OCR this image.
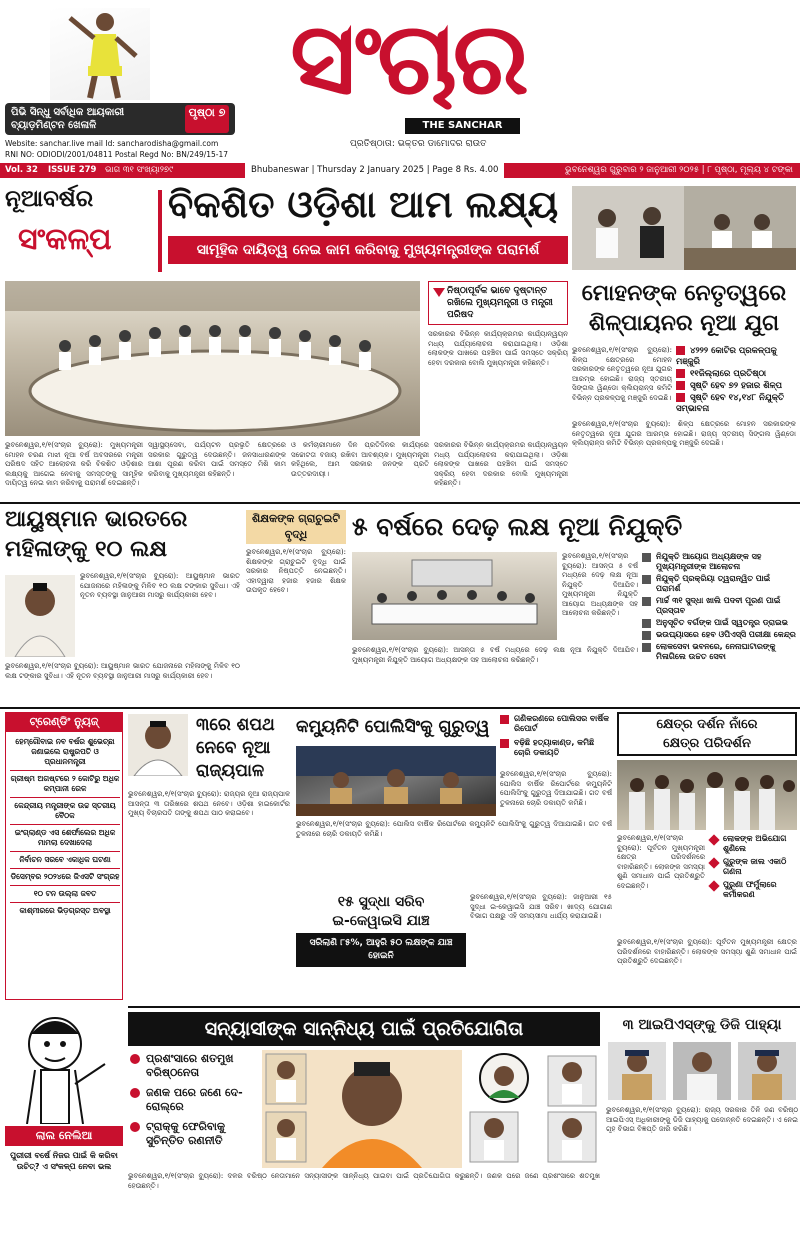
ପିଭି ସିନ୍ଧୁ ସର୍ବାଧିକ ଆୟକାରୀ ବ୍ୟାଡ଼ମିଣ୍ଟନ ଖେଳାଳି
ପୃଷ୍ଠା ୭
Website: sanchar.live mail Id: sancharodisha@gmail.com
RNI NO: ODIODI/2001/04811 Postal Regd No: BN/249/15-17
ସଂଚାର
THE SANCHAR
ପ୍ରତିଷ୍ଠାତା: ଭକ୍ତର ଡାମୋଦର ରାଉତ
Vol. 32 ISSUE 279 ଭାଗ ୩୧ ସଂଖ୍ୟା୨୭୯	Bhubaneswar | Thursday 2 January 2025 | Page 8 Rs. 4.00	ଭୁବନେଶ୍ୱର ଗୁରୁବାର ୨ ଜାନୁଆରୀ ୨୦୨୫ | ୮ ପୃଷ୍ଠା, ମୂଲ୍ୟ ୪ ଟଙ୍କା
ନୂଆବର୍ଷର
ସଂକଳ୍ପ
ବିକଶିତ ଓଡ଼ିଶା ଆମ ଲକ୍ଷ୍ୟ
ସାମୂହିକ ଦାୟିତ୍ୱ ନେଇ କାମ କରିବାକୁ ମୁଖ୍ୟମନ୍ତ୍ରୀଙ୍କ ପରାମର୍ଶ
ନିଷ୍ଠାପୂର୍ବକ ଭାବେ ଦୃଷ୍ଟାନ୍ତ ରଖିଲେ ମୁଖ୍ୟମନ୍ତ୍ରୀ ଓ ମନ୍ତ୍ରୀ ପରିଷଦ
ସରକାରର ବିଭିନ୍ନ କାର୍ଯ୍ୟକ୍ରମର କାର୍ଯ୍ୟାନ୍ୱୟନ ମଧ୍ୟ ପର୍ଯ୍ୟାଲୋଚନା କରାଯାଇଥିଲା। ଓଡ଼ିଶା ଲୋକଙ୍କ ପାଖରେ ପହଞ୍ଚିବା ପାଇଁ ସମସ୍ତେ ସକ୍ରିୟ ହେବା ଦରକାର ବୋଲି ମୁଖ୍ୟମନ୍ତ୍ରୀ କହିଛନ୍ତି।
ଭୁବନେଶ୍ୱର,୧/୧(ସଂଚାର ବ୍ୟୁରୋ): ମୁଖ୍ୟମନ୍ତ୍ରୀ ମୋହନ ଚରଣ ମାଝୀ ନୂଆ ବର୍ଷ ଅବସରରେ ମନ୍ତ୍ରୀ ପରିଷଦ ସହିତ ଆଲୋଚନା କରି ବିକଶିତ ଓଡ଼ିଶାର ଲକ୍ଷ୍ୟକୁ ଆଗେଇ ନେବାକୁ ସମସ୍ତଙ୍କୁ ସାମୂହିକ ଦାୟିତ୍ୱ ନେଇ କାମ କରିବାକୁ ପରାମର୍ଶ ଦେଇଛନ୍ତି।
ସ୍ୱାସ୍ଥ୍ୟସେବା, ପର୍ଯ୍ୟଟନ ପ୍ରଭୃତି କ୍ଷେତ୍ରରେ ସରକାର ଗୁରୁତ୍ୱ ଦେଉଛନ୍ତି। ଜନସାଧାରଣଙ୍କ ଆଶା ପୂରଣ କରିବା ପାଇଁ ସମସ୍ତେ ମିଶି କାମ କରିବାକୁ ମୁଖ୍ୟମନ୍ତ୍ରୀ କହିଛନ୍ତି।
ଓ କର୍ମଚାରୀମାନେ ଦିନ ପ୍ରତିଦିନର କାର୍ଯ୍ୟରେ ସଚ୍ଚୋଟତା ବଜାୟ ରଖିବା ଆବଶ୍ୟକ। ମୁଖ୍ୟମନ୍ତ୍ରୀ କହିଥିଲେ, ଆମ ସରକାର ଜନଙ୍କ ପ୍ରତି ଉତ୍ତରଦାୟୀ।
ସରକାରର ବିଭିନ୍ନ କାର୍ଯ୍ୟକ୍ରମର କାର୍ଯ୍ୟାନ୍ୱୟନ ମଧ୍ୟ ପର୍ଯ୍ୟାଲୋଚନା କରାଯାଇଥିଲା। ଓଡ଼ିଶା ଲୋକଙ୍କ ପାଖରେ ପହଞ୍ଚିବା ପାଇଁ ସମସ୍ତେ ସକ୍ରିୟ ହେବା ଦରକାର ବୋଲି ମୁଖ୍ୟମନ୍ତ୍ରୀ କହିଛନ୍ତି।
ମୋହନଙ୍କ ନେତୃତ୍ୱରେ
ଶିଳ୍ପାୟନର ନୂଆ ଯୁଗ
ଭୁବନେଶ୍ୱର,୧/୧(ସଂଚାର ବ୍ୟୁରୋ): ଶିଳ୍ପ କ୍ଷେତ୍ରରେ ମୋହନ ସରକାରଙ୍କ ନେତୃତ୍ୱରେ ନୂଆ ଯୁଗର ଆରମ୍ଭ ହୋଇଛି। ରାଜ୍ୟ ସ୍ତରୀୟ ସିଙ୍ଗଲ ୱିଣ୍ଡୋ କ୍ଲିୟରାନ୍ସ କମିଟି ବିଭିନ୍ନ ପ୍ରକଳ୍ପକୁ ମଞ୍ଜୁରି ଦେଇଛି।
୪୨୨୨ କୋଟିର ପ୍ରକଳ୍ପକୁ ମଞ୍ଜୁରି
୧୧ଜିଲ୍ଲାରେ ପ୍ରତିଷ୍ଠା
ସୃଷ୍ଟି ହେବ ୭୨ ହଜାର ଶିଳ୍ପ
ସୃଷ୍ଟି ହେବ ୧୪,୧୪୮ ନିଯୁକ୍ତି ସମ୍ଭାବନା
ଭୁବନେଶ୍ୱର,୧/୧(ସଂଚାର ବ୍ୟୁରୋ): ଶିଳ୍ପ କ୍ଷେତ୍ରରେ ମୋହନ ସରକାରଙ୍କ ନେତୃତ୍ୱରେ ନୂଆ ଯୁଗର ଆରମ୍ଭ ହୋଇଛି। ରାଜ୍ୟ ସ୍ତରୀୟ ସିଙ୍ଗଲ ୱିଣ୍ଡୋ କ୍ଲିୟରାନ୍ସ କମିଟି ବିଭିନ୍ନ ପ୍ରକଳ୍ପକୁ ମଞ୍ଜୁରି ଦେଇଛି।
ଆୟୁଷ୍ମାନ ଭାରତରେ
ମହିଳାଙ୍କୁ ୧୦ ଲକ୍ଷ
ଭୁବନେଶ୍ୱର,୧/୧(ସଂଚାର ବ୍ୟୁରୋ): ଆୟୁଷ୍ମାନ ଭାରତ ଯୋଜନାରେ ମହିଳାଙ୍କୁ ମିଳିବ ୧୦ ଲକ୍ଷ ଟଙ୍କାର ସୁବିଧା। ଏହି ନୂତନ ବ୍ୟବସ୍ଥା ଜାନୁଆରୀ ମାସରୁ କାର୍ଯ୍ୟକାରୀ ହେବ।
ଭୁବନେଶ୍ୱର,୧/୧(ସଂଚାର ବ୍ୟୁରୋ): ଆୟୁଷ୍ମାନ ଭାରତ ଯୋଜନାରେ ମହିଳାଙ୍କୁ ମିଳିବ ୧୦ ଲକ୍ଷ ଟଙ୍କାର ସୁବିଧା। ଏହି ନୂତନ ବ୍ୟବସ୍ଥା ଜାନୁଆରୀ ମାସରୁ କାର୍ଯ୍ୟକାରୀ ହେବ।
ଶିକ୍ଷକଙ୍କ ଗ୍ରାଚୁଇଟି ବୃଦ୍ଧି
ଭୁବନେଶ୍ୱର,୧/୧(ସଂଚାର ବ୍ୟୁରୋ): ଶିକ୍ଷକଙ୍କ ଗ୍ରାଚୁଇଟି ବୃଦ୍ଧି ପାଇଁ ସରକାର ନିଷ୍ପତ୍ତି ନେଇଛନ୍ତି। ଏହାଦ୍ୱାରା ହଜାର ହଜାର ଶିକ୍ଷକ ଉପକୃତ ହେବେ।
୫ ବର୍ଷରେ ଦେଢ଼ ଲକ୍ଷ ନୂଆ ନିଯୁକ୍ତି
ଭୁବନେଶ୍ୱର,୧/୧(ସଂଚାର ବ୍ୟୁରୋ): ଆସନ୍ତା ୫ ବର୍ଷ ମଧ୍ୟରେ ଦେଢ଼ ଲକ୍ଷ ନୂଆ ନିଯୁକ୍ତି ଦିଆଯିବ। ମୁଖ୍ୟମନ୍ତ୍ରୀ ନିଯୁକ୍ତି ଆୟୋଗ ଅଧ୍ୟକ୍ଷଙ୍କ ସହ ଆଲୋଚନା କରିଛନ୍ତି।
ଭୁବନେଶ୍ୱର,୧/୧(ସଂଚାର ବ୍ୟୁରୋ): ଆସନ୍ତା ୫ ବର୍ଷ ମଧ୍ୟରେ ଦେଢ଼ ଲକ୍ଷ ନୂଆ ନିଯୁକ୍ତି ଦିଆଯିବ। ମୁଖ୍ୟମନ୍ତ୍ରୀ ନିଯୁକ୍ତି ଆୟୋଗ ଅଧ୍ୟକ୍ଷଙ୍କ ସହ ଆଲୋଚନା କରିଛନ୍ତି।
ନିଯୁକ୍ତି ଆୟୋଗ ଅଧ୍ୟକ୍ଷଙ୍କ ସହ ମୁଖ୍ୟମନ୍ତ୍ରୀଙ୍କ ଆଲୋଚନା
ନିଯୁକ୍ତି ପ୍ରକ୍ରିୟା ତ୍ୱରାନ୍ୱିତ ପାଇଁ ପରାମର୍ଶ
ମାର୍ଚ୍ଚ ୩୧ ସୁଦ୍ଧା ଖାଲି ପଦବୀ ପୂରଣ ପାଇଁ ପ୍ରସ୍ତାବ
ଅନୁସୂଚିତ ବର୍ଗଙ୍କ ପାଇଁ ସ୍ୱତନ୍ତ୍ର ଡ୍ରାଇଭ
ଭଉଘ୍ୟାସରେ ହେବ ଓପିଏସ୍‌ସି ପରୀକ୍ଷା କେନ୍ଦ୍ର
ଲୋକସେବା ଭବନରେ, ନେନାଘାଟାରଙ୍କୁ ମିଳାଗିଲେ ଉଚ୍ଚତ ସେବା
ଟ୍ରେଣ୍ଡିଂ ନ୍ୟୁଜ୍
ହେମ୍‌ଗୌବାଇ ନବ ବର୍ଷର ଶୁଭେଚ୍ଛା ଜଣାଇଲେ ରାଷ୍ଟ୍ରପତି ଓ ପ୍ରଧାନମନ୍ତ୍ରୀ
ଗ୍ରୀଷ୍ମ ଅଗଷ୍ଟରେ ୨ କୋଟିରୁ ଅଧିକ କମ୍ପାନୀ ରେଳ
କେନ୍ଦ୍ରୀୟ ମନ୍ତ୍ରୀଙ୍କ ଉଚ୍ଚ ସ୍ତରୀୟ ବୈଠକ
ଇଂଗ୍ଲାଣ୍ଡ ଏସ ଶେର୍ଫାଲେର ଅଧିକ ମାମଲା ଦେଖାଦେଲା
ନିର୍ବାଚନ ସରବେ ଏକାଧିକ ଘଟଣା
ଡିସେମ୍ବର ୨୦୨୪ରେ ଜିଏସଟି ସଂଗ୍ରହ
୧୦ ଟନ ଉଲ୍ଲା ଜବତ
କାଶ୍ମୀରରେ ଭିଡ଼ଗ୍ରସ୍ତ ଅବସ୍ଥା
ଲାଲ ନେଲିଆ
ପୁରୀରୀ ବର୍ଷେ ନିଜର ପାଇଁ କି କରିବା ଉଚିତ୍‌? ଏ ସଂକଳ୍ପ ନେବା ଭଲ
୩ରେ ଶପଥ
ନେବେ ନୂଆ
ରାଜ୍ୟପାଳ
ଭୁବନେଶ୍ୱର,୧/୧(ସଂଚାର ବ୍ୟୁରୋ): ରାଜ୍ୟର ନୂଆ ରାଜ୍ୟପାଳ ଆସନ୍ତା ୩ ତାରିଖରେ ଶପଥ ନେବେ। ଓଡ଼ିଶା ହାଇକୋର୍ଟର ମୁଖ୍ୟ ବିଚାରପତି ତାଙ୍କୁ ଶପଥ ପାଠ କରାଇବେ।
କମ୍ୟୁନିଟି ପୋଲିସିଂକୁ ଗୁରୁତ୍ୱ	ଗଣିକରଣରେ ପୋଲିସର ବାର୍ଷିକ ରିପୋର୍ଟ
ବଢ଼ିଛି ହତ୍ୟାକାଣ୍ଡ, କମିଛି ଚୋରି ଡକାୟତି
ଭୁବନେଶ୍ୱର,୧/୧(ସଂଚାର ବ୍ୟୁରୋ): ପୋଲିସ ବାର୍ଷିକ ରିପୋର୍ଟରେ କମ୍ୟୁନିଟି ପୋଲିସିଂକୁ ଗୁରୁତ୍ୱ ଦିଆଯାଇଛି। ଗତ ବର୍ଷ ତୁଳନାରେ ଚୋରି ଡକାୟତି କମିଛି।
ଭୁବନେଶ୍ୱର,୧/୧(ସଂଚାର ବ୍ୟୁରୋ): ପୋଲିସ ବାର୍ଷିକ ରିପୋର୍ଟରେ କମ୍ୟୁନିଟି ପୋଲିସିଂକୁ ଗୁରୁତ୍ୱ ଦିଆଯାଇଛି। ଗତ ବର୍ଷ ତୁଳନାରେ ଚୋରି ଡକାୟତି କମିଛି।
୧୫ ସୁଦ୍ଧା ସରିବ
ଇ-କେୱାଇସି ଯାଞ୍ଚ
ସରିଲାଣି ୮୫%, ଆହୁରି ୫୦ ଲକ୍ଷଙ୍କ ଯାଞ୍ଚ ହୋଇନି
ଭୁବନେଶ୍ୱର,୧/୧(ସଂଚାର ବ୍ୟୁରୋ): ଜାନୁଆରୀ ୧୫ ସୁଦ୍ଧା ଇ-କେୱାଇସି ଯାଞ୍ଚ ସରିବ। ଖାଦ୍ୟ ଯୋଗାଣ ବିଭାଗ ପକ୍ଷରୁ ଏହି ସମୟସୀମା ଧାର୍ଯ୍ୟ କରାଯାଇଛି।
କ୍ଷେତ୍ର ଦର୍ଶନ ନାଁରେ
କ୍ଷେତ୍ର ପରିଦର୍ଶନ
ଭୁବନେଶ୍ୱର,୧/୧(ସଂଚାର ବ୍ୟୁରୋ): ପୂର୍ବତନ ମୁଖ୍ୟମନ୍ତ୍ରୀ କ୍ଷେତ୍ର ପରିଦର୍ଶନରେ ବାହାରିଛନ୍ତି। ଲୋକଙ୍କ ସମସ୍ୟା ଶୁଣି ସମାଧାନ ପାଇଁ ପ୍ରତିଶ୍ରୁତି ଦେଇଛନ୍ତି।
ଲୋକଙ୍କ ଅଭିଯୋଗ ଶୁଣିଲେ
ଗୁରୁଙ୍କ ଜାଲ ଏକାଠି ଗଣନା
ପୁରୁଣା ଫର୍ମୁଲାରେ କର୍ମୀକରଣ
ଭୁବନେଶ୍ୱର,୧/୧(ସଂଚାର ବ୍ୟୁରୋ): ପୂର୍ବତନ ମୁଖ୍ୟମନ୍ତ୍ରୀ କ୍ଷେତ୍ର ପରିଦର୍ଶନରେ ବାହାରିଛନ୍ତି। ଲୋକଙ୍କ ସମସ୍ୟା ଶୁଣି ସମାଧାନ ପାଇଁ ପ୍ରତିଶ୍ରୁତି ଦେଇଛନ୍ତି।
ସନ୍ୟାସୀଙ୍କ ସାନ୍ନିଧ୍ୟ ପାଇଁ ପ୍ରତିଯୋଗିତା
ପ୍ରଶଂସାରେ ଶତମୁଖ ବରିଷ୍ଠନେତା
ଜଣକ ପରେ ଜଣେ ଦେ-ରୋଲ୍‌ରେ
ଟ୍ରାକ୍‌କୁ ଫେରିବାକୁ ସୁଚିନ୍ତିତ ରଣନୀତି
ଭୁବନେଶ୍ୱର,୧/୧(ସଂଚାର ବ୍ୟୁରୋ): ଦଳର ବରିଷ୍ଠ ନେତାମାନେ ସନ୍ୟାସୀଙ୍କ ସାନ୍ନିଧ୍ୟ ପାଇବା ପାଇଁ ପ୍ରତିଯୋଗିତା କରୁଛନ୍ତି। ଜଣକ ପରେ ଜଣେ ପ୍ରଶଂସାରେ ଶତମୁଖ ହେଉଛନ୍ତି।
୩ ଆଇପିଏସ୍‌ଙ୍କୁ ଡିଜି ପାହ୍ୟା
ଭୁବନେଶ୍ୱର,୧/୧(ସଂଚାର ବ୍ୟୁରୋ): ରାଜ୍ୟ ସରକାର ତିନି ଜଣ ବରିଷ୍ଠ ଆଇପିଏସ୍ ଅଧିକାରୀଙ୍କୁ ଡିଜି ପାହ୍ୟାକୁ ପଦୋନ୍ନତି ଦେଇଛନ୍ତି। ଏ ନେଇ ଗୃହ ବିଭାଗ ବିଜ୍ଞପ୍ତି ଜାରି କରିଛି।
